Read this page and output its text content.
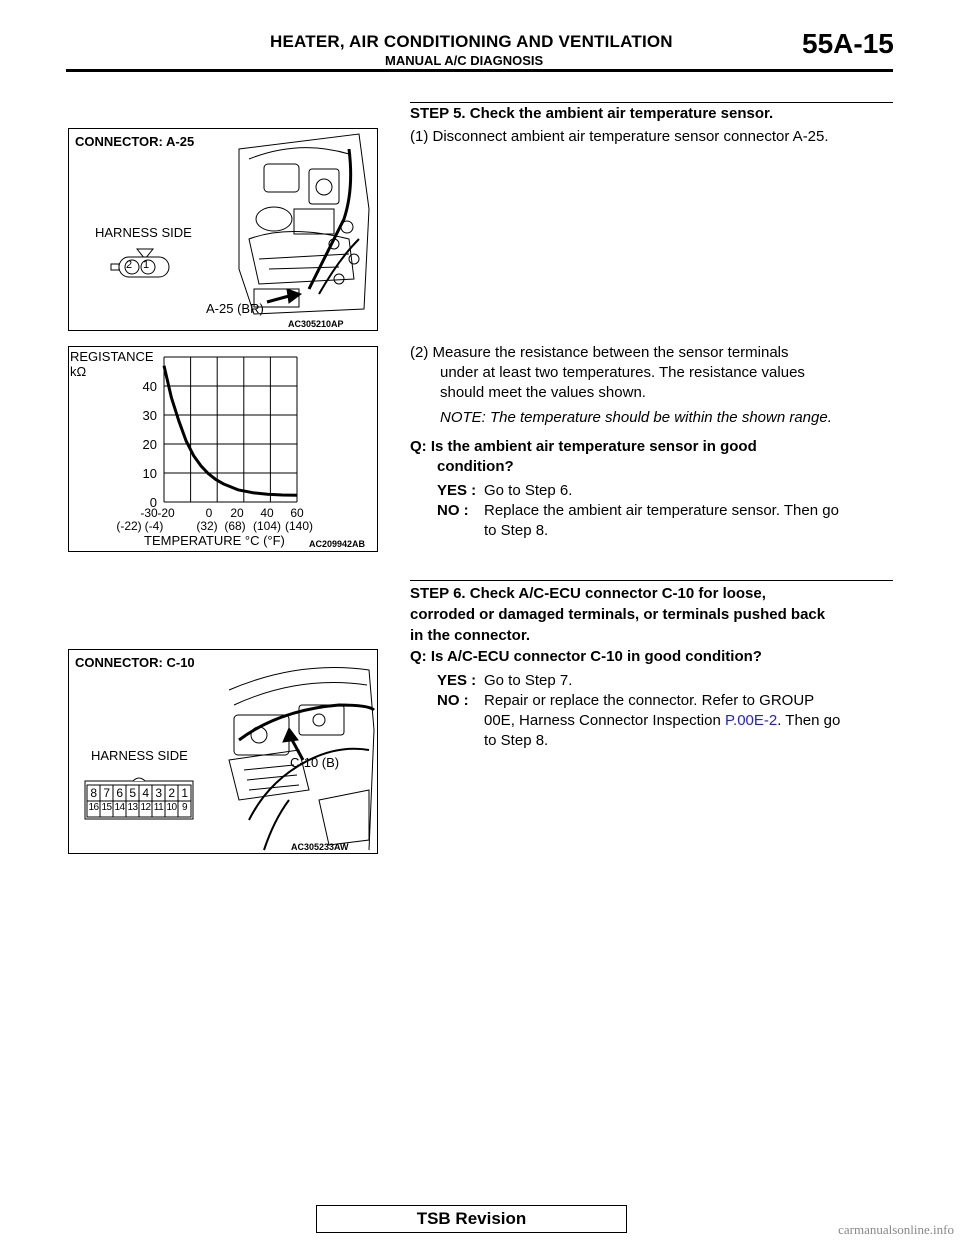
HEATER, AIR CONDITIONING AND VENTILATION
MANUAL A/C DIAGNOSIS
55A-15
CONNECTOR: A-25
HARNESS SIDE
2 1
A-25 (BR)
AC305210AP
0
10
20
30
40
-30 -20	0 20 40 60
(-22) (-4)	(32) (68) (104) (140)
REGISTANCE
kΩ
TEMPERATURE °C (°F)	AC209942AB
CONNECTOR: C-10
HARNESS SIDE
8 7 6 5 4 3 2 1
16 15 14 13 12 11 10 9
C-10 (B)
AC305233AW
STEP 5. Check the ambient air temperature sensor.
(1) Disconnect ambient air temperature sensor connector A-25.
(2) Measure the resistance between the sensor terminals
under at least two temperatures. The resistance values
should meet the values shown.
NOTE: The temperature should be within the shown range.
Q: Is the ambient air temperature sensor in good
condition?
YES : Go to Step 6.
NO : Replace the ambient air temperature sensor. Then go
to Step 8.
STEP 6. Check A/C-ECU connector C-10 for loose,
corroded or damaged terminals, or terminals pushed back
in the connector.
Q: Is A/C-ECU connector C-10 in good condition?
YES : Go to Step 7.
NO : Repair or replace the connector. Refer to GROUP
00E, Harness Connector Inspection P.00E-2. Then go
to Step 8.
TSB Revision
carmanualsonline.info
